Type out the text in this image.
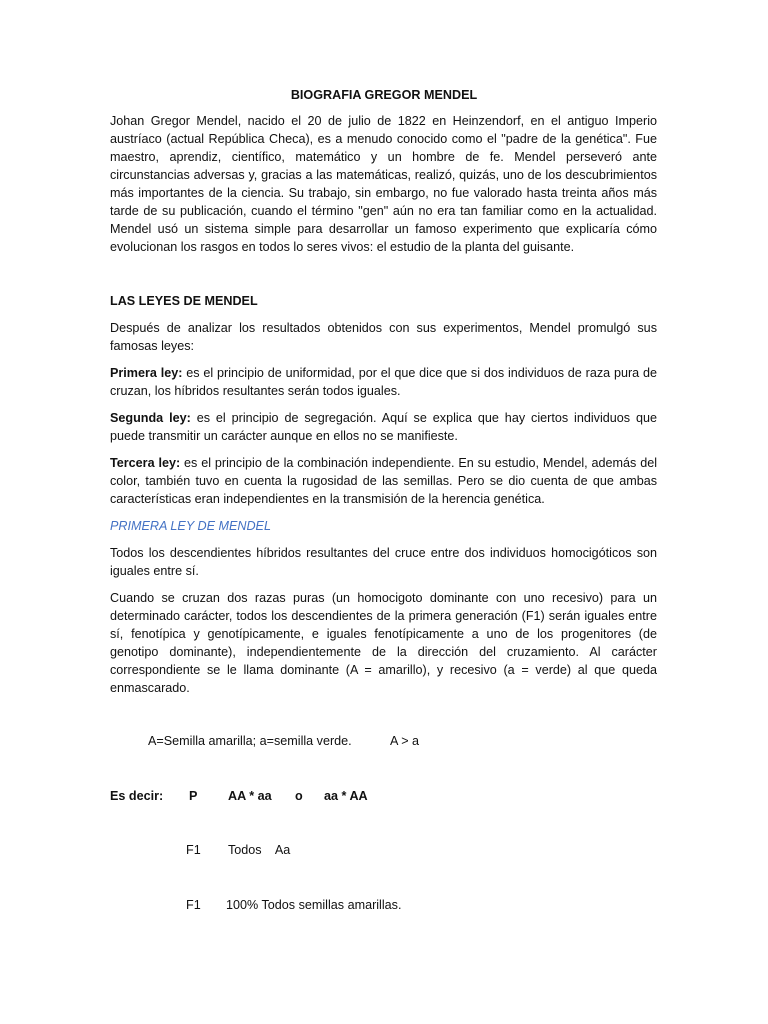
BIOGRAFIA GREGOR MENDEL

Johan Gregor Mendel, nacido el 20 de julio de 1822 en Heinzendorf, en el antiguo Imperio austríaco (actual República Checa), es a menudo conocido como el "padre de la genética". Fue maestro, aprendiz, científico, matemático y un hombre de fe. Mendel perseveró ante circunstancias adversas y, gracias a las matemáticas, realizó, quizás, uno de los descubrimientos más importantes de la ciencia. Su trabajo, sin embargo, no fue valorado hasta treinta años más tarde de su publicación, cuando el término "gen" aún no era tan familiar como en la actualidad. Mendel usó un sistema simple para desarrollar un famoso experimento que explicaría cómo evolucionan los rasgos en todos lo seres vivos: el estudio de la planta del guisante.

LAS LEYES DE MENDEL

Después de analizar los resultados obtenidos con sus experimentos, Mendel promulgó sus famosas leyes:

Primera ley: es el principio de uniformidad, por el que dice que si dos individuos de raza pura de cruzan, los híbridos resultantes serán todos iguales.

Segunda ley: es el principio de segregación. Aquí se explica que hay ciertos individuos que puede transmitir un carácter aunque en ellos no se manifieste.

Tercera ley: es el principio de la combinación independiente. En su estudio, Mendel, además del color, también tuvo en cuenta la rugosidad de las semillas. Pero se dio cuenta de que ambas características eran independientes en la transmisión de la herencia genética.

PRIMERA LEY DE MENDEL

Todos los descendientes híbridos resultantes del cruce entre dos individuos homocigóticos son iguales entre sí.

Cuando se cruzan dos razas puras (un homocigoto dominante con uno recesivo) para un determinado carácter, todos los descendientes de la primera generación (F1) serán iguales entre sí, fenotípica y genotípicamente, e iguales fenotípicamente a uno de los progenitores (de genotipo dominante), independientemente de la dirección del cruzamiento. Al carácter correspondiente se le llama dominante (A = amarillo), y recesivo (a = verde) al que queda enmascarado.

A=Semilla amarilla; a=semilla verde.	A > a
Es decir: P AA * aa o aa * AA
F1 Todos    Aa
F1 100% Todos semillas amarillas.
